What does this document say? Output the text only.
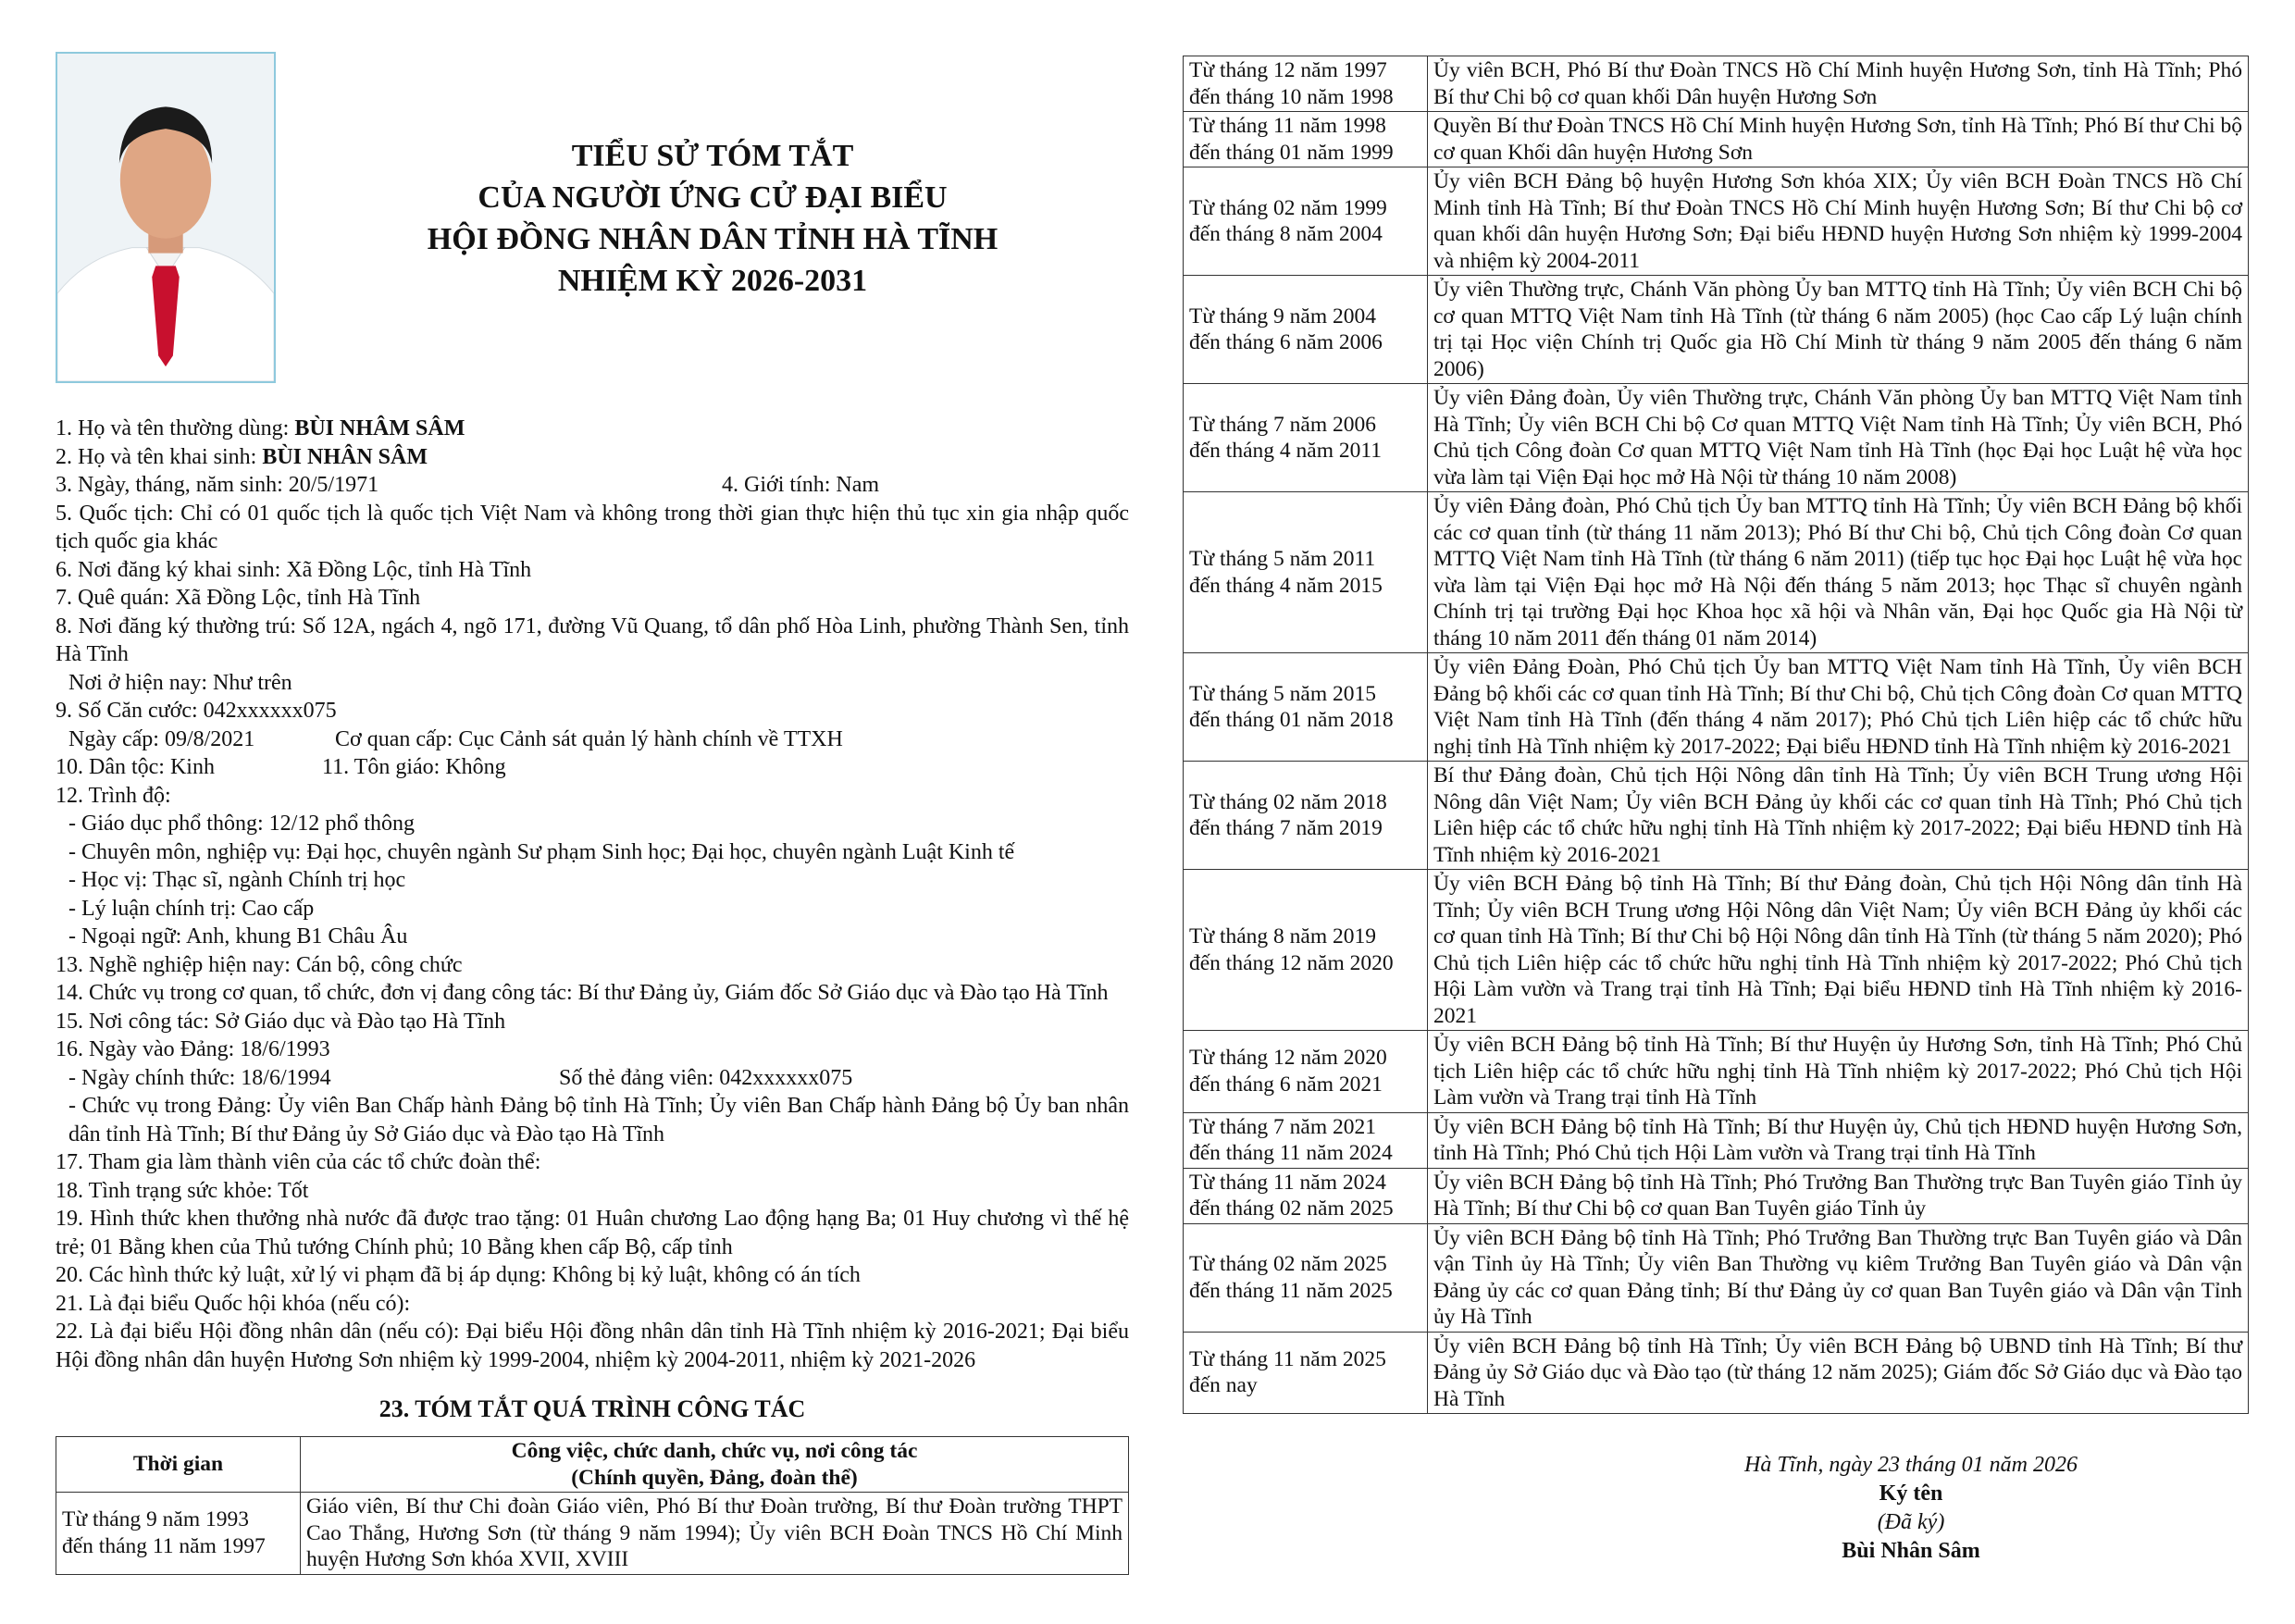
TIỂU SỬ TÓM TẮT
CỦA NGƯỜI ỨNG CỬ ĐẠI BIỂU
HỘI ĐỒNG NHÂN DÂN TỈNH HÀ TĨNH
NHIỆM KỲ 2026-2031

1. Họ và tên thường dùng: BÙI NHÂM SÂM

2. Họ và tên khai sinh: BÙI NHÂN SÂM

3. Ngày, tháng, năm sinh: 20/5/1971	4. Giới tính: Nam

5. Quốc tịch: Chỉ có 01 quốc tịch là quốc tịch Việt Nam và không trong thời gian thực hiện thủ tục xin gia nhập quốc tịch quốc gia khác

6. Nơi đăng ký khai sinh: Xã Đồng Lộc, tỉnh Hà Tĩnh

7. Quê quán: Xã Đồng Lộc, tỉnh Hà Tĩnh

8. Nơi đăng ký thường trú: Số 12A, ngách 4, ngõ 171, đường Vũ Quang, tổ dân phố Hòa Linh, phường Thành Sen, tỉnh Hà Tĩnh

Nơi ở hiện nay: Như trên

9. Số Căn cước: 042xxxxxx075

Ngày cấp: 09/8/2021	Cơ quan cấp: Cục Cảnh sát quản lý hành chính về TTXH

10. Dân tộc: Kinh	11. Tôn giáo: Không

12. Trình độ:

- Giáo dục phổ thông: 12/12 phổ thông

- Chuyên môn, nghiệp vụ: Đại học, chuyên ngành Sư phạm Sinh học; Đại học, chuyên ngành Luật Kinh tế

- Học vị: Thạc sĩ, ngành Chính trị học

- Lý luận chính trị: Cao cấp

- Ngoại ngữ: Anh, khung B1 Châu Âu

13. Nghề nghiệp hiện nay: Cán bộ, công chức

14. Chức vụ trong cơ quan, tổ chức, đơn vị đang công tác: Bí thư Đảng ủy, Giám đốc Sở Giáo dục và Đào tạo Hà Tĩnh

15. Nơi công tác: Sở Giáo dục và Đào tạo Hà Tĩnh

16. Ngày vào Đảng: 18/6/1993

- Ngày chính thức: 18/6/1994	Số thẻ đảng viên: 042xxxxxx075

- Chức vụ trong Đảng: Ủy viên Ban Chấp hành Đảng bộ tỉnh Hà Tĩnh; Ủy viên Ban Chấp hành Đảng bộ Ủy ban nhân dân tỉnh Hà Tĩnh; Bí thư Đảng ủy Sở Giáo dục và Đào tạo Hà Tĩnh

17. Tham gia làm thành viên của các tổ chức đoàn thể:

18. Tình trạng sức khỏe: Tốt

19. Hình thức khen thưởng nhà nước đã được trao tặng: 01 Huân chương Lao động hạng Ba; 01 Huy chương vì thế hệ trẻ; 01 Bằng khen của Thủ tướng Chính phủ; 10 Bằng khen cấp Bộ, cấp tỉnh

20. Các hình thức kỷ luật, xử lý vi phạm đã bị áp dụng: Không bị kỷ luật, không có án tích

21. Là đại biểu Quốc hội khóa (nếu có):

22. Là đại biểu Hội đồng nhân dân (nếu có): Đại biểu Hội đồng nhân dân tỉnh Hà Tĩnh nhiệm kỳ 2016-2021; Đại biểu Hội đồng nhân dân huyện Hương Sơn nhiệm kỳ 1999-2004, nhiệm kỳ 2004-2011, nhiệm kỳ 2021-2026

23. TÓM TẮT QUÁ TRÌNH CÔNG TÁC
Thời gian	Công việc, chức danh, chức vụ, nơi công tác
(Chính quyền, Đảng, đoàn thể)

Từ tháng 9 năm 1993
đến tháng 11 năm 1997	Giáo viên, Bí thư Chi đoàn Giáo viên, Phó Bí thư Đoàn trường, Bí thư Đoàn trường THPT Cao Thắng, Hương Sơn (từ tháng 9 năm 1994); Ủy viên BCH Đoàn TNCS Hồ Chí Minh huyện Hương Sơn khóa XVII, XVIII
Từ tháng 12 năm 1997
đến tháng 10 năm 1998	Ủy viên BCH, Phó Bí thư Đoàn TNCS Hồ Chí Minh huyện Hương Sơn, tỉnh Hà Tĩnh; Phó Bí thư Chi bộ cơ quan khối Dân huyện Hương Sơn

Từ tháng 11 năm 1998
đến tháng 01 năm 1999	Quyền Bí thư Đoàn TNCS Hồ Chí Minh huyện Hương Sơn, tỉnh Hà Tĩnh; Phó Bí thư Chi bộ cơ quan Khối dân huyện Hương Sơn

Từ tháng 02 năm 1999
đến tháng 8 năm 2004	Ủy viên BCH Đảng bộ huyện Hương Sơn khóa XIX; Ủy viên BCH Đoàn TNCS Hồ Chí Minh tỉnh Hà Tĩnh; Bí thư Đoàn TNCS Hồ Chí Minh huyện Hương Sơn; Bí thư Chi bộ cơ quan khối dân huyện Hương Sơn; Đại biểu HĐND huyện Hương Sơn nhiệm kỳ 1999-2004 và nhiệm kỳ 2004-2011

Từ tháng 9 năm 2004
đến tháng 6 năm 2006	Ủy viên Thường trực, Chánh Văn phòng Ủy ban MTTQ tỉnh Hà Tĩnh; Ủy viên BCH Chi bộ cơ quan MTTQ Việt Nam tỉnh Hà Tĩnh (từ tháng 6 năm 2005) (học Cao cấp Lý luận chính trị tại Học viện Chính trị Quốc gia Hồ Chí Minh từ tháng 9 năm 2005 đến tháng 6 năm 2006)

Từ tháng 7 năm 2006
đến tháng 4 năm 2011	Ủy viên Đảng đoàn, Ủy viên Thường trực, Chánh Văn phòng Ủy ban MTTQ Việt Nam tỉnh Hà Tĩnh; Ủy viên BCH Chi bộ Cơ quan MTTQ Việt Nam tỉnh Hà Tĩnh; Ủy viên BCH, Phó Chủ tịch Công đoàn Cơ quan MTTQ Việt Nam tỉnh Hà Tĩnh (học Đại học Luật hệ vừa học vừa làm tại Viện Đại học mở Hà Nội từ tháng 10 năm 2008)

Từ tháng 5 năm 2011
đến tháng 4 năm 2015	Ủy viên Đảng đoàn, Phó Chủ tịch Ủy ban MTTQ tỉnh Hà Tĩnh; Ủy viên BCH Đảng bộ khối các cơ quan tỉnh (từ tháng 11 năm 2013); Phó Bí thư Chi bộ, Chủ tịch Công đoàn Cơ quan MTTQ Việt Nam tỉnh Hà Tĩnh (từ tháng 6 năm 2011) (tiếp tục học Đại học Luật hệ vừa học vừa làm tại Viện Đại học mở Hà Nội đến tháng 5 năm 2013; học Thạc sĩ chuyên ngành Chính trị tại trường Đại học Khoa học xã hội và Nhân văn, Đại học Quốc gia Hà Nội từ tháng 10 năm 2011 đến tháng 01 năm 2014)

Từ tháng 5 năm 2015
đến tháng 01 năm 2018	Ủy viên Đảng Đoàn, Phó Chủ tịch Ủy ban MTTQ Việt Nam tỉnh Hà Tĩnh, Ủy viên BCH Đảng bộ khối các cơ quan tỉnh Hà Tĩnh; Bí thư Chi bộ, Chủ tịch Công đoàn Cơ quan MTTQ Việt Nam tỉnh Hà Tĩnh (đến tháng 4 năm 2017); Phó Chủ tịch Liên hiệp các tổ chức hữu nghị tỉnh Hà Tĩnh nhiệm kỳ 2017-2022; Đại biểu HĐND tỉnh Hà Tĩnh nhiệm kỳ 2016-2021

Từ tháng 02 năm 2018
đến tháng 7 năm 2019	Bí thư Đảng đoàn, Chủ tịch Hội Nông dân tỉnh Hà Tĩnh; Ủy viên BCH Trung ương Hội Nông dân Việt Nam; Ủy viên BCH Đảng ủy khối các cơ quan tỉnh Hà Tĩnh; Phó Chủ tịch Liên hiệp các tổ chức hữu nghị tỉnh Hà Tĩnh nhiệm kỳ 2017-2022; Đại biểu HĐND tỉnh Hà Tĩnh nhiệm kỳ 2016-2021

Từ tháng 8 năm 2019
đến tháng 12 năm 2020	Ủy viên BCH Đảng bộ tỉnh Hà Tĩnh; Bí thư Đảng đoàn, Chủ tịch Hội Nông dân tỉnh Hà Tĩnh; Ủy viên BCH Trung ương Hội Nông dân Việt Nam; Ủy viên BCH Đảng ủy khối các cơ quan tỉnh Hà Tĩnh; Bí thư Chi bộ Hội Nông dân tỉnh Hà Tĩnh (từ tháng 5 năm 2020); Phó Chủ tịch Liên hiệp các tổ chức hữu nghị tỉnh Hà Tĩnh nhiệm kỳ 2017-2022; Phó Chủ tịch Hội Làm vườn và Trang trại tỉnh Hà Tĩnh; Đại biểu HĐND tỉnh Hà Tĩnh nhiệm kỳ 2016-2021

Từ tháng 12 năm 2020
đến tháng 6 năm 2021	Ủy viên BCH Đảng bộ tỉnh Hà Tĩnh; Bí thư Huyện ủy Hương Sơn, tỉnh Hà Tĩnh; Phó Chủ tịch Liên hiệp các tổ chức hữu nghị tỉnh Hà Tĩnh nhiệm kỳ 2017-2022; Phó Chủ tịch Hội Làm vườn và Trang trại tỉnh Hà Tĩnh

Từ tháng 7 năm 2021
đến tháng 11 năm 2024	Ủy viên BCH Đảng bộ tỉnh Hà Tĩnh; Bí thư Huyện ủy, Chủ tịch HĐND huyện Hương Sơn, tỉnh Hà Tĩnh; Phó Chủ tịch Hội Làm vườn và Trang trại tỉnh Hà Tĩnh

Từ tháng 11 năm 2024
đến tháng 02 năm 2025	Ủy viên BCH Đảng bộ tỉnh Hà Tĩnh; Phó Trưởng Ban Thường trực Ban Tuyên giáo Tỉnh ủy Hà Tĩnh; Bí thư Chi bộ cơ quan Ban Tuyên giáo Tỉnh ủy

Từ tháng 02 năm 2025
đến tháng 11 năm 2025	Ủy viên BCH Đảng bộ tỉnh Hà Tĩnh; Phó Trưởng Ban Thường trực Ban Tuyên giáo và Dân vận Tỉnh ủy Hà Tĩnh; Ủy viên Ban Thường vụ kiêm Trưởng Ban Tuyên giáo và Dân vận Đảng ủy các cơ quan Đảng tỉnh; Bí thư Đảng ủy cơ quan Ban Tuyên giáo và Dân vận Tỉnh ủy Hà Tĩnh

Từ tháng 11 năm 2025
đến nay	Ủy viên BCH Đảng bộ tỉnh Hà Tĩnh; Ủy viên BCH Đảng bộ UBND tỉnh Hà Tĩnh; Bí thư Đảng ủy Sở Giáo dục và Đào tạo (từ tháng 12 năm 2025); Giám đốc Sở Giáo dục và Đào tạo Hà Tĩnh
Hà Tĩnh, ngày 23 tháng 01 năm 2026
Ký tên
(Đã ký)
Bùi Nhân Sâm
